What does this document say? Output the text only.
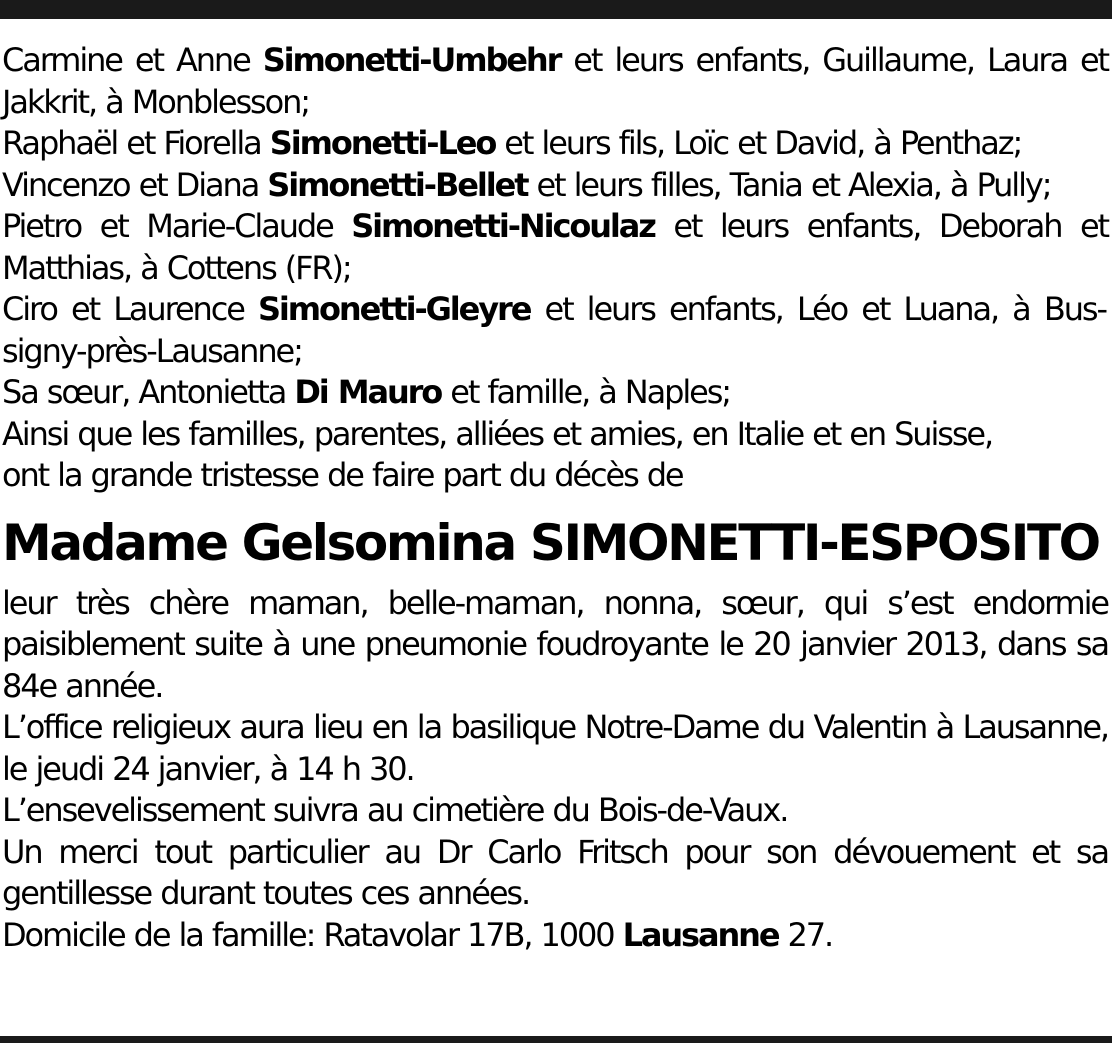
Carmine et Anne Simonetti-Umbehr et leurs enfants, Guillaume, Laura et Jakkrit, à Monblesson;

Raphaël et Fiorella Simonetti-Leo et leurs fils, Loïc et David, à Penthaz;

Vincenzo et Diana Simonetti-Bellet et leurs filles, Tania et Alexia, à Pully;

Pietro et Marie-Claude Simonetti-Nicoulaz et leurs enfants, Deborah et Matthias, à Cottens (FR);

Ciro et Laurence Simonetti-Gleyre et leurs enfants, Léo et Luana, à Bussigny-près-Lausanne;

Sa sœur, Antonietta Di Mauro et famille, à Naples;

Ainsi que les familles, parentes, alliées et amies, en Italie et en Suisse,

ont la grande tristesse de faire part du décès de

Madame Gelsomina SIMONETTI-ESPOSITO

leur très chère maman, belle-maman, nonna, sœur, qui s’est endormie paisiblement suite à une pneumonie foudroyante le 20 janvier 2013, dans sa 84e année.

L’office religieux aura lieu en la basilique Notre-Dame du Valentin à Lausanne, le jeudi 24 janvier, à 14 h 30.

L’ensevelissement suivra au cimetière du Bois-de-Vaux.

Un merci tout particulier au Dr Carlo Fritsch pour son dévouement et sa gentillesse durant toutes ces années.

Domicile de la famille: Ratavolar 17B, 1000 Lausanne 27.
